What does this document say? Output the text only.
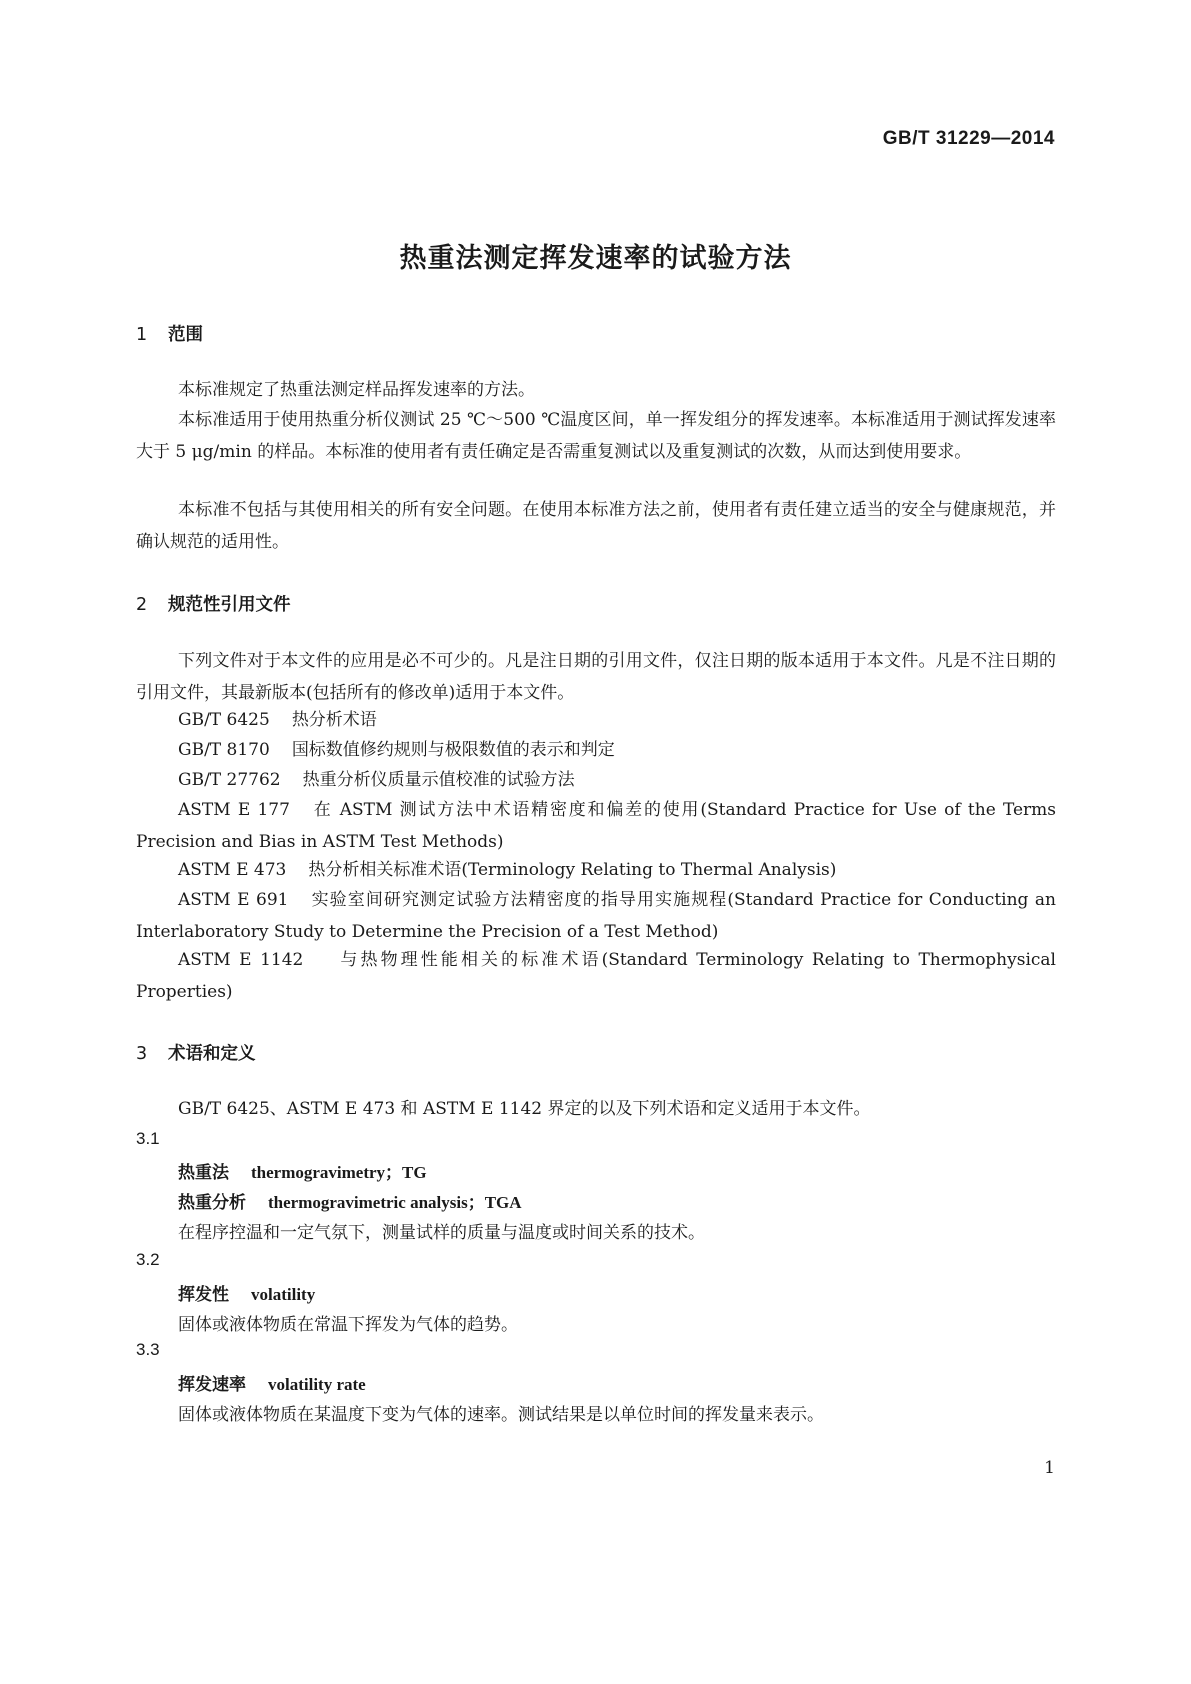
GB/T 31229—2014
热重法测定挥发速率的试验方法
1 范围

本标准规定了热重法测定样品挥发速率的方法。

本标准适用于使用热重分析仪测试 25 ℃～500 ℃温度区间，单一挥发组分的挥发速率。本标准适用于测试挥发速率大于 5 μg/min 的样品。本标准的使用者有责任确定是否需重复测试以及重复测试的次数，从而达到使用要求。

本标准不包括与其使用相关的所有安全问题。在使用本标准方法之前，使用者有责任建立适当的安全与健康规范，并确认规范的适用性。

2 规范性引用文件

下列文件对于本文件的应用是必不可少的。凡是注日期的引用文件，仅注日期的版本适用于本文件。凡是不注日期的引用文件，其最新版本(包括所有的修改单)适用于本文件。

GB/T 6425 热分析术语

GB/T 8170 国标数值修约规则与极限数值的表示和判定

GB/T 27762 热重分析仪质量示值校准的试验方法

ASTM E 177 在 ASTM 测试方法中术语精密度和偏差的使用(Standard Practice for Use of the Terms Precision and Bias in ASTM Test Methods)

ASTM E 473 热分析相关标准术语(Terminology Relating to Thermal Analysis)

ASTM E 691 实验室间研究测定试验方法精密度的指导用实施规程(Standard Practice for Conducting an Interlaboratory Study to Determine the Precision of a Test Method)

ASTM E 1142 与热物理性能相关的标准术语(Standard Terminology Relating to Thermophysical Properties)

3 术语和定义

GB/T 6425、ASTM E 473 和 ASTM E 1142 界定的以及下列术语和定义适用于本文件。

3.1

热重法 thermogravimetry；TG

热重分析 thermogravimetric analysis；TGA

在程序控温和一定气氛下，测量试样的质量与温度或时间关系的技术。

3.2

挥发性 volatility

固体或液体物质在常温下挥发为气体的趋势。

3.3

挥发速率 volatility rate

固体或液体物质在某温度下变为气体的速率。测试结果是以单位时间的挥发量来表示。

1
